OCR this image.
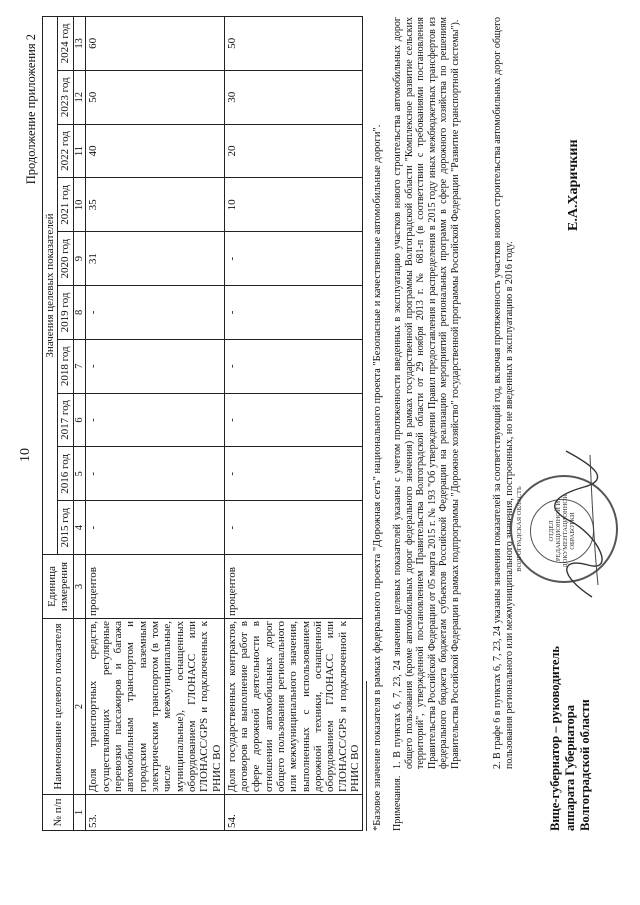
10
Продолжение приложения 2
№ п/п	Наименование целевого показателя	Единица измерения	Значения целевых показателей									
			2015 год	2016 год	2017 год	2018 год	2019 год	2020 год	2021 год	2022 год	2023 год	2024 год
1	2	3	4	5	6	7	8	9	10	11	12	13
53.	Доля транспортных средств, осуществляющих регулярные перевозки пассажиров и багажа автомобильным транспортом и городским наземным электрическим транспортом (в том числе межмуниципальные, муниципальные), оснащенных оборудованием ГЛОНАСС или ГЛОНАСС/GPS и подключенных к РНИС ВО	процентов	-	-	-	-	-	31	35	40	50	60
54.	Доля государственных контрактов, договоров на выполнение работ в сфере дорожной деятельности в отношении автомобильных дорог общего пользования регионального или межмуниципального значения, выполненных с использованием дорожной техники, оснащенной оборудованием ГЛОНАСС или ГЛОНАСС/GPS и подключенной к РНИС ВО	процентов	-	-	-	-	-	-	10	20	30	50
*Базовое значение показателя в рамках федерального проекта "Дорожная сеть" национального проекта "Безопасные и качественные автомобильные дороги". Примечания.
1. В пунктах 6, 7, 23, 24 значения целевых показателей указаны с учетом протяженности введенных в эксплуатацию участков нового строительства автомобильных дорог общего пользования (кроме автомобильных дорог федерального значения) в рамках государственной программы Волгоградской области "Комплексное развитие сельских территорий", утвержденной постановлением Правительства Волгоградской области от 29 ноября 2013 г. № 681-п (в соответствии с требованиями постановления Правительства Российской Федерации от 05 марта 2015 г. № 193 "Об утверждении Правил предоставления и распределения в 2015 году иных межбюджетных трансфертов из федерального бюджета бюджетам субъектов Российской Федерации на реализацию мероприятий региональных программ в сфере дорожного хозяйства по решениям Правительства Российской Федерации в рамках подпрограммы "Дорожное хозяйство" государственной программы Российской Федерации "Развитие транспортной системы").	2. В графе 6 в пунктах 6, 7, 23, 24 указаны значения показателей за соответствующий год, включая протяженность участков нового строительства автомобильных дорог общего пользования регионального или межмуниципального значения, построенных, но не введенных в эксплуатацию в 2016 году. ВОЛГОГРАДСКАЯ ОБЛАСТЬ	ОТДЕЛ РЕДАКЦИОННОЙ И ДОКУМЕНТАЦИОННОЙ ОБРАБОТКИ
Вице-губернатор – руководитель аппарата Губернатора Волгоградской области
Е.А.Харичкин
